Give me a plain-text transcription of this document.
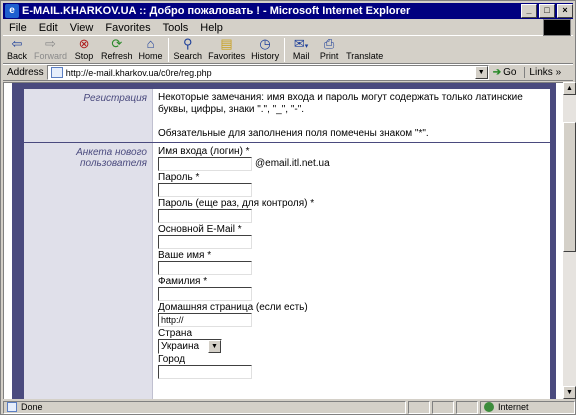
e E-MAIL.KHARKOV.UA :: Добро пожаловать ! - Microsoft Internet Explorer	_	□	×
File	Edit	View	Favorites	Tools	Help
⇦
Back
⇨
Forward
⊗
Stop
⟳
Refresh
⌂
Home
⚲
Search
▤
Favorites
◷
History
✉▾
Mail
⎙
Print Translate
Address	http://e-mail.kharkov.ua/c0re/reg.php	▼ ➔ Go	Links »
Регистрация	Некоторые замечания: имя входа и пароль могут содержать только латинские буквы, цифры, знаки ".", "_", "-".

Обязательные для заполнения поля помечены знаком "*".

Анкета нового пользователя
Имя входа (логин) *
@email.itl.net.ua
Пароль *
Пароль (еще раз, для контроля) *
Основной E-Mail *
Ваше имя *
Фамилия *
Домашняя страница (если есть)
http://
Страна
Украина	▼
Город
▲
▼
Done	Internet
